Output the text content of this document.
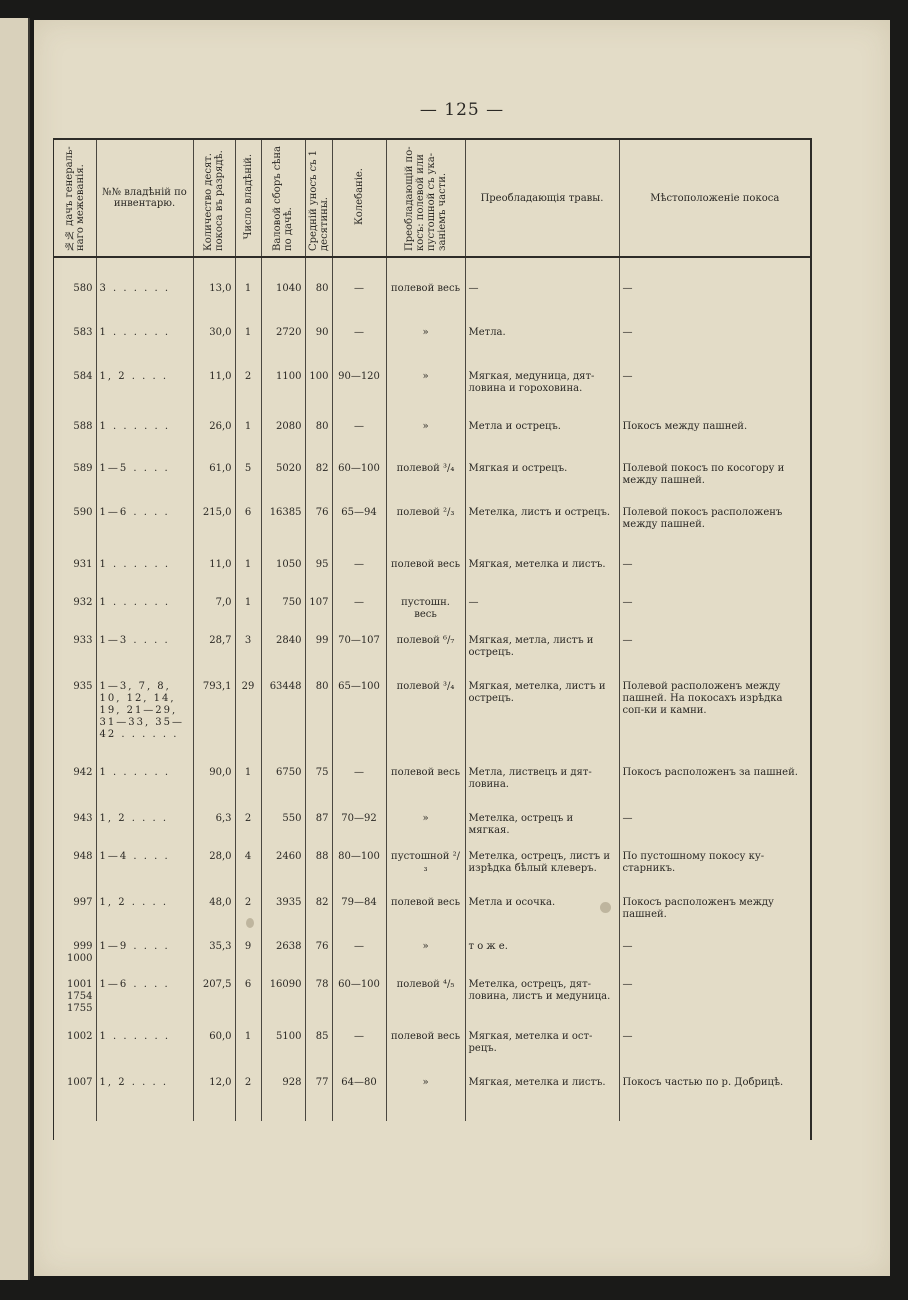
— 125 —
№№ дачъ генераль-наго межеванія.	№№ владѣній по инвентарю.	Количество десят. покоса въ разрядѣ.	Число владѣній.	Валовой сборъ сѣна по дачѣ.	Средній уносъ съ 1 десятины.	Колебаніе.	Преобладающій по-косъ: полевой или пустошной съ ука-заніемъ части.	Преобладающія травы.	Мѣстоположеніе покоса

580	3 . . . . . .	13,0	1	1040	80	—	полевой весь	—	—
583	1 . . . . . .	30,0	1	2720	90	—	»	Метла.	—
584	1, 2 . . . .	11,0	2	1100	100	90—120	»	Мягкая, медуница, дят-ловина и гороховина.	—
588	1 . . . . . .	26,0	1	2080	80	—	»	Метла и острецъ.	Покосъ между пашней.
589	1—5 . . . .	61,0	5	5020	82	60—100	полевой ³/₄	Мягкая и острецъ.	Полевой покосъ по косогору и между пашней.
590	1—6 . . . .	215,0	6	16385	76	65—94	полевой ²/₃	Метелка, листъ и острецъ.	Полевой покосъ расположенъ между пашней.
931	1 . . . . . .	11,0	1	1050	95	—	полевой весь	Мягкая, метелка и листъ.	—
932	1 . . . . . .	7,0	1	750	107	—	пустошн. весь	—	—
933	1—3 . . . .	28,7	3	2840	99	70—107	полевой ⁶/₇	Мягкая, метла, листъ и острецъ.	—
935	1—3, 7, 8, 10, 12, 14, 19, 21—29, 31—33, 35—42 . . . . . .	793,1	29	63448	80	65—100	полевой ³/₄	Мягкая, метелка, листъ и острецъ.	Полевой расположенъ между пашней. На покосахъ изрѣдка соп-ки и камни.
942	1 . . . . . .	90,0	1	6750	75	—	полевой весь	Метла, листвецъ и дят-ловина.	Покосъ расположенъ за пашней.
943	1, 2 . . . .	6,3	2	550	87	70—92	»	Метелка, острецъ и мягкая.	—
948	1—4 . . . .	28,0	4	2460	88	80—100	пустошной ²/₃	Метелка, острецъ, листъ и изрѣдка бѣлый клеверъ.	По пустошному покосу ку-старникъ.
997	1, 2 . . . .	48,0	2	3935	82	79—84	полевой весь	Метла и осочка.	Покосъ расположенъ между пашней.
999 1000	1—9 . . . .	35,3	9	2638	76	—	»	т о ж е.	—
1001 1754 1755	1—6 . . . .	207,5	6	16090	78	60—100	полевой ⁴/₅	Метелка, острецъ, дят-ловина, листъ и медуница.	—
1002	1 . . . . . .	60,0	1	5100	85	—	полевой весь	Мягкая, метелка и ост-рецъ.	—
1007	1, 2 . . . .	12,0	2	928	77	64—80	»	Мягкая, метелка и листъ.	Покосъ частью по р. Добрицѣ.
